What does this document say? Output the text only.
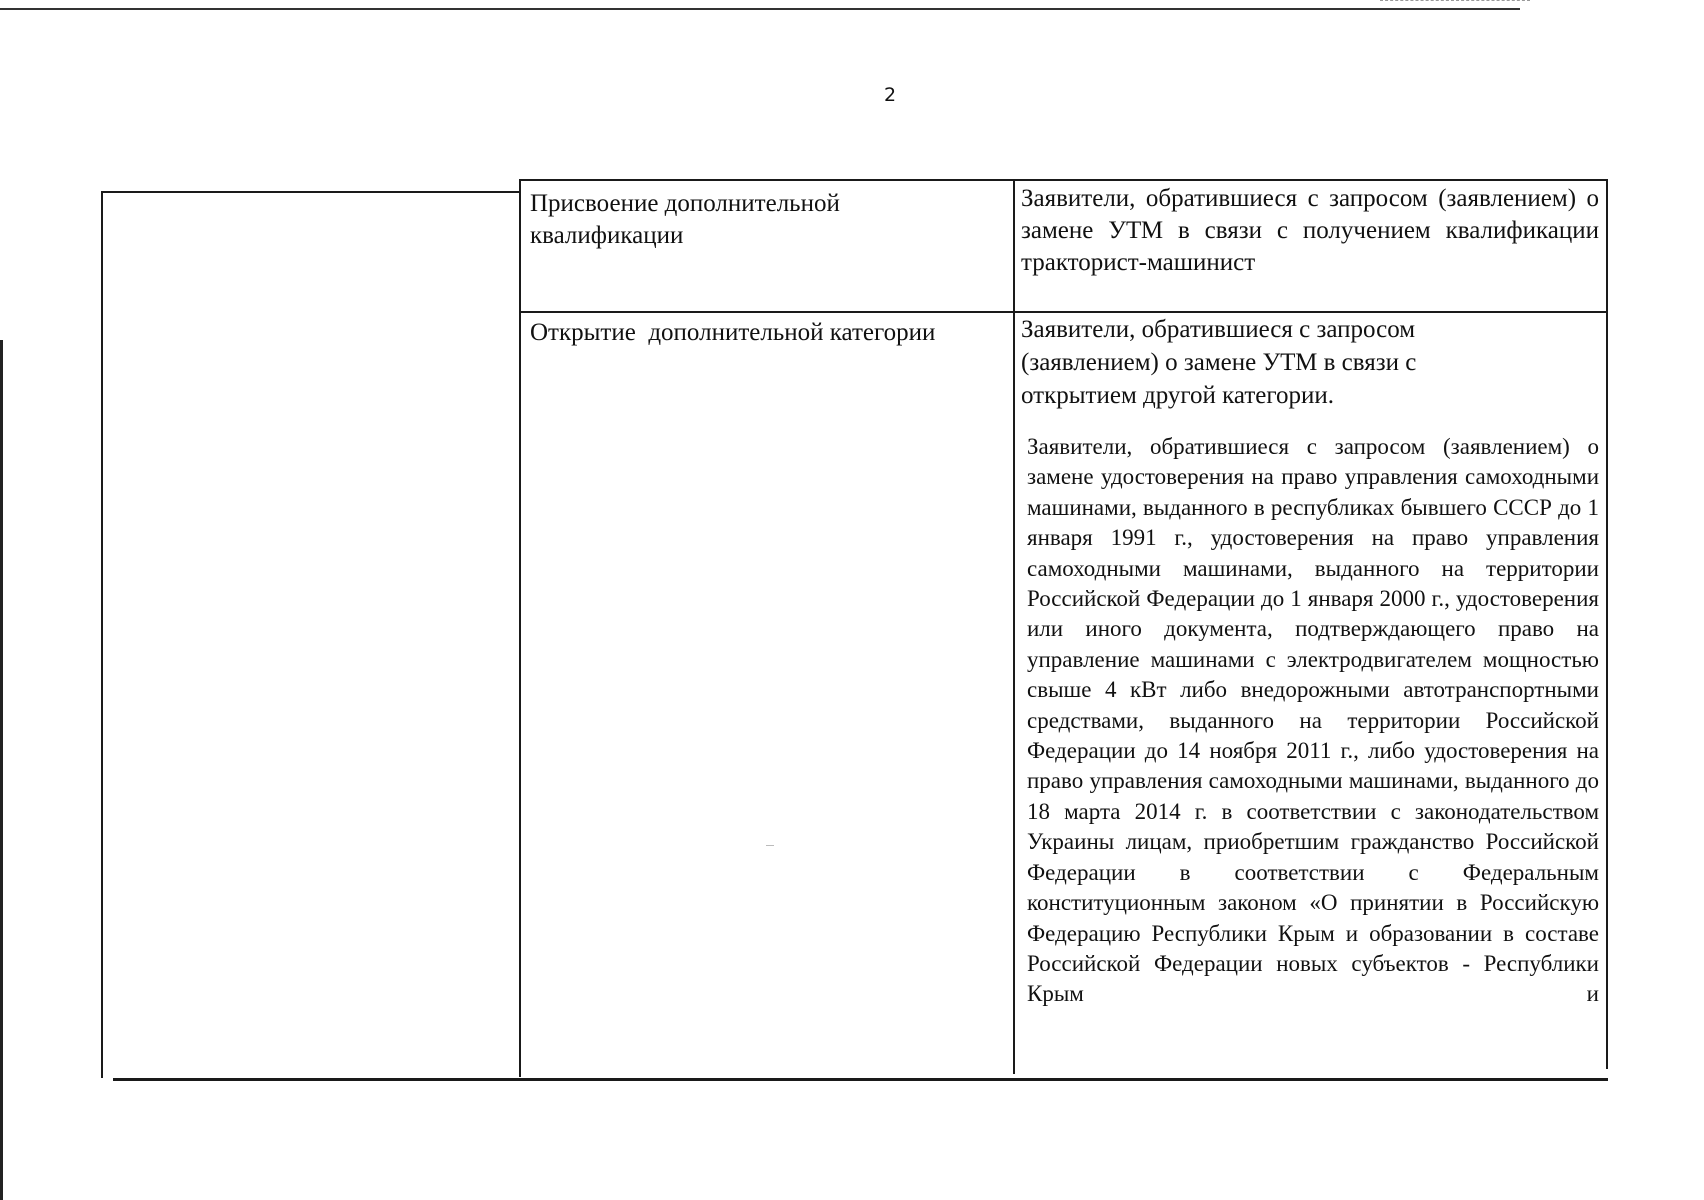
2

Присвоение дополнительной квалификации

Заявители, обратившиеся с запросом (заявлением) о замене УТМ в связи с получением квалификации тракторист-машинист

Открытие  дополнительной категории	Заявители, обратившиеся с запросом (заявлением) о замене УТМ в связи с открытием другой категории.

Заявители, обратившиеся с запросом (заявлением) о замене удостоверения на право управления самоходными машинами, выданного в республиках бывшего СССР до 1 января 1991 г., удостоверения на право управления самоходными машинами, выданного на территории Российской Федерации до 1 января 2000 г., удостоверения или иного документа, подтверждающего право на управление машинами с электродвигателем мощностью свыше 4 кВт либо внедорожными автотранспортными средствами, выданного на территории Российской Федерации до 14 ноября 2011 г., либо удостоверения на право управления самоходными машинами, выданного до 18 марта 2014 г. в соответствии с законодательством Украины лицам, приобретшим гражданство Российской Федерации в соответствии с Федеральным конституционным законом «О принятии в Российскую Федерацию Республики Крым и образовании в составе Российской Федерации новых субъектов - Республики Крым и
